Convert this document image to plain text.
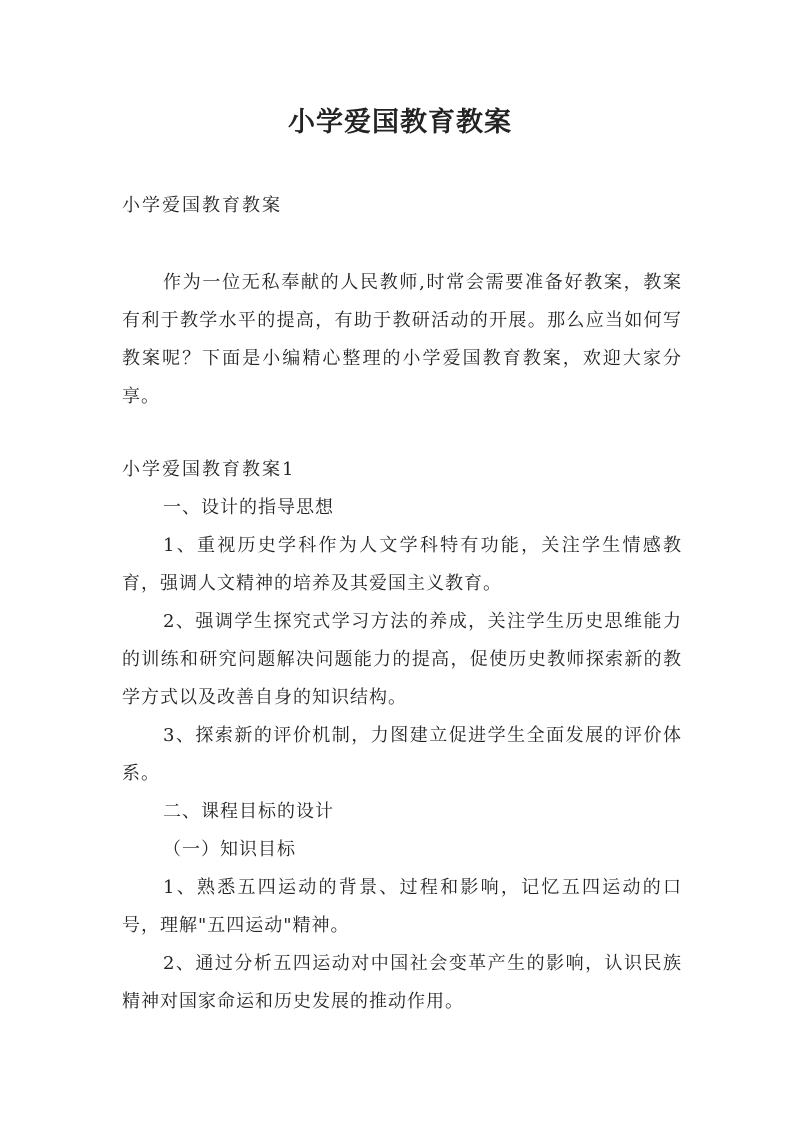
小学爱国教育教案

小学爱国教育教案

作为一位无私奉献的人民教师,时常会需要准备好教案，教案有利于教学水平的提高，有助于教研活动的开展。那么应当如何写教案呢？下面是小编精心整理的小学爱国教育教案，欢迎大家分享。

小学爱国教育教案1

一、设计的指导思想

1、重视历史学科作为人文学科特有功能，关注学生情感教育，强调人文精神的培养及其爱国主义教育。

2、强调学生探究式学习方法的养成，关注学生历史思维能力的训练和研究问题解决问题能力的提高，促使历史教师探索新的教学方式以及改善自身的知识结构。

3、探索新的评价机制，力图建立促进学生全面发展的评价体系。

二、课程目标的设计

（一）知识目标

1、熟悉五四运动的背景、过程和影响，记忆五四运动的口号，理解"五四运动"精神。

2、通过分析五四运动对中国社会变革产生的影响，认识民族精神对国家命运和历史发展的推动作用。
